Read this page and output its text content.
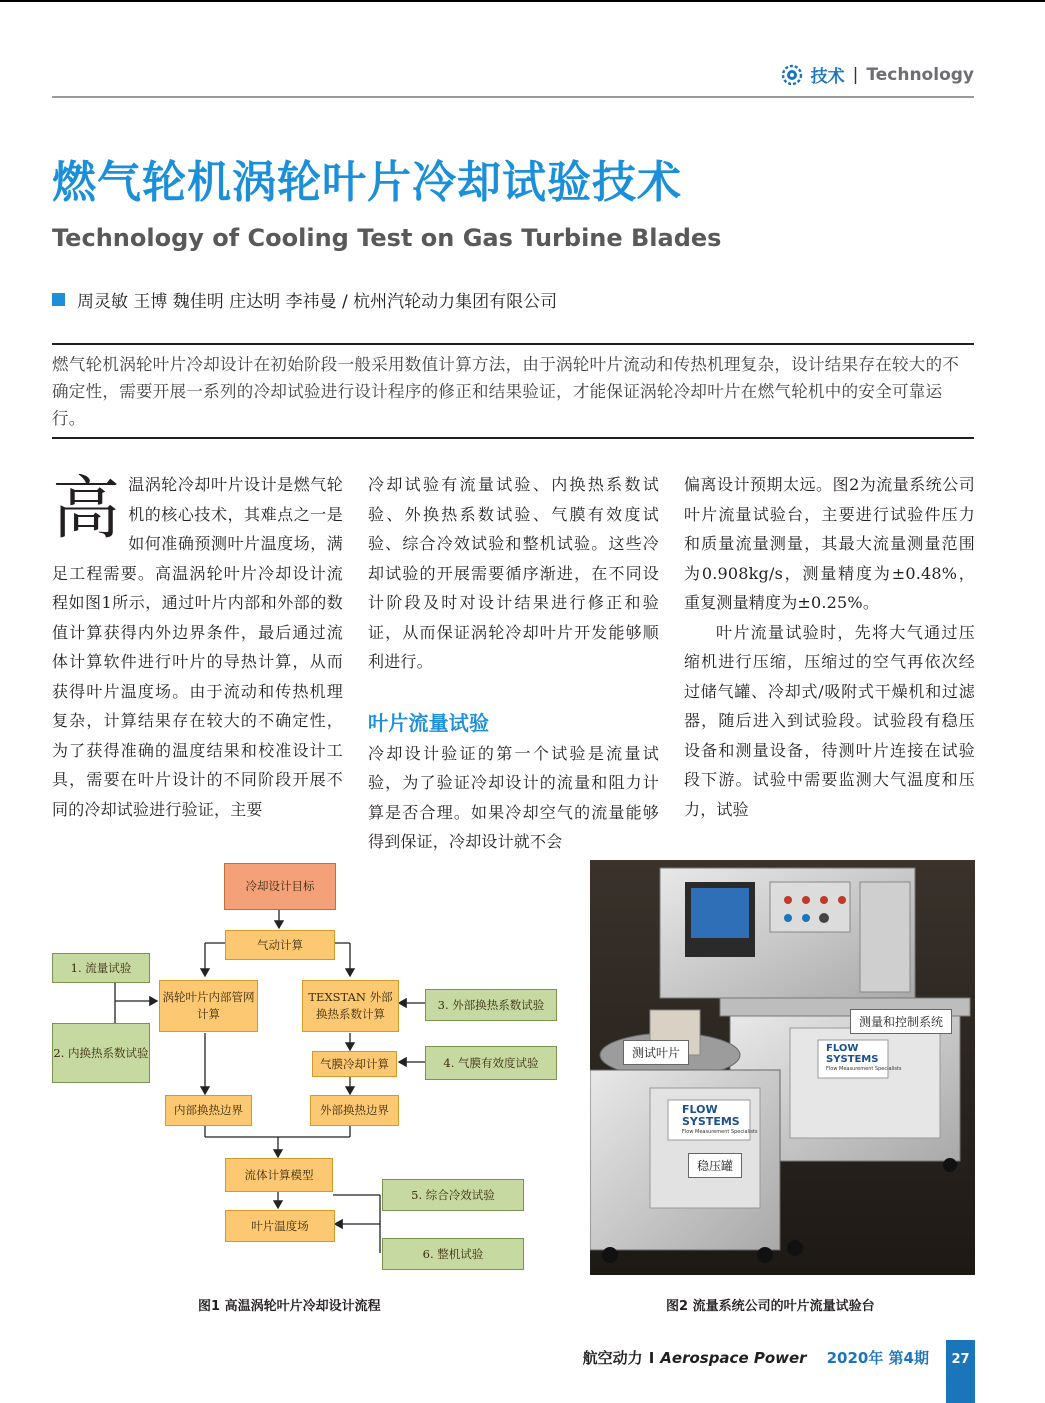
技术 | Technology
燃气轮机涡轮叶片冷却试验技术
Technology of Cooling Test on Gas Turbine Blades
周灵敏 王博 魏佳明 庄达明 李祎曼 / 杭州汽轮动力集团有限公司
燃气轮机涡轮叶片冷却设计在初始阶段一般采用数值计算方法，由于涡轮叶片流动和传热机理复杂，设计结果存在较大的不确定性，需要开展一系列的冷却试验进行设计程序的修正和结果验证，才能保证涡轮冷却叶片在燃气轮机中的安全可靠运行。
高 温涡轮冷却叶片设计是燃气轮机的核心技术，其难点之一是如何准确预测叶片温度场，满足工程需要。高温涡轮叶片冷却设计流程如图1所示，通过叶片内部和外部的数值计算获得内外边界条件，最后通过流体计算软件进行叶片的导热计算，从而获得叶片温度场。由于流动和传热机理复杂，计算结果存在较大的不确定性，为了获得准确的温度结果和校准设计工具，需要在叶片设计的不同阶段开展不同的冷却试验进行验证，主要

冷却试验有流量试验、内换热系数试验、外换热系数试验、气膜有效度试验、综合冷效试验和整机试验。这些冷却试验的开展需要循序渐进，在不同设计阶段及时对设计结果进行修正和验证，从而保证涡轮冷却叶片开发能够顺利进行。

叶片流量试验

冷却设计验证的第一个试验是流量试验，为了验证冷却设计的流量和阻力计算是否合理。如果冷却空气的流量能够得到保证，冷却设计就不会

偏离设计预期太远。图2为流量系统公司叶片流量试验台，主要进行试验件压力和质量流量测量，其最大流量测量范围为0.908kg/s，测量精度为±0.48%，重复测量精度为±0.25%。

叶片流量试验时，先将大气通过压缩机进行压缩，压缩过的空气再依次经过储气罐、冷却式/吸附式干燥机和过滤器，随后进入到试验段。试验段有稳压设备和测量设备，待测叶片连接在试验段下游。试验中需要监测大气温度和压力，试验

冷却设计目标
气动计算
1. 流量试验
涡轮叶片内部管网计算
TEXSTAN 外部换热系数计算
3. 外部换热系数试验
2. 内换热系数试验
气膜冷却计算	4. 气膜有效度试验
内部换热边界	外部换热边界
流体计算模型
5. 综合冷效试验
叶片温度场
6. 整机试验
图1 高温涡轮叶片冷却设计流程
FLOW
SYSTEMS
Flow Measurement Specialists
FLOW
SYSTEMS
Flow Measurement Specialists
测量和控制系统
测试叶片
稳压罐
图2 流量系统公司的叶片流量试验台
航空动力 I Aerospace Power 2020年 第4期	27
